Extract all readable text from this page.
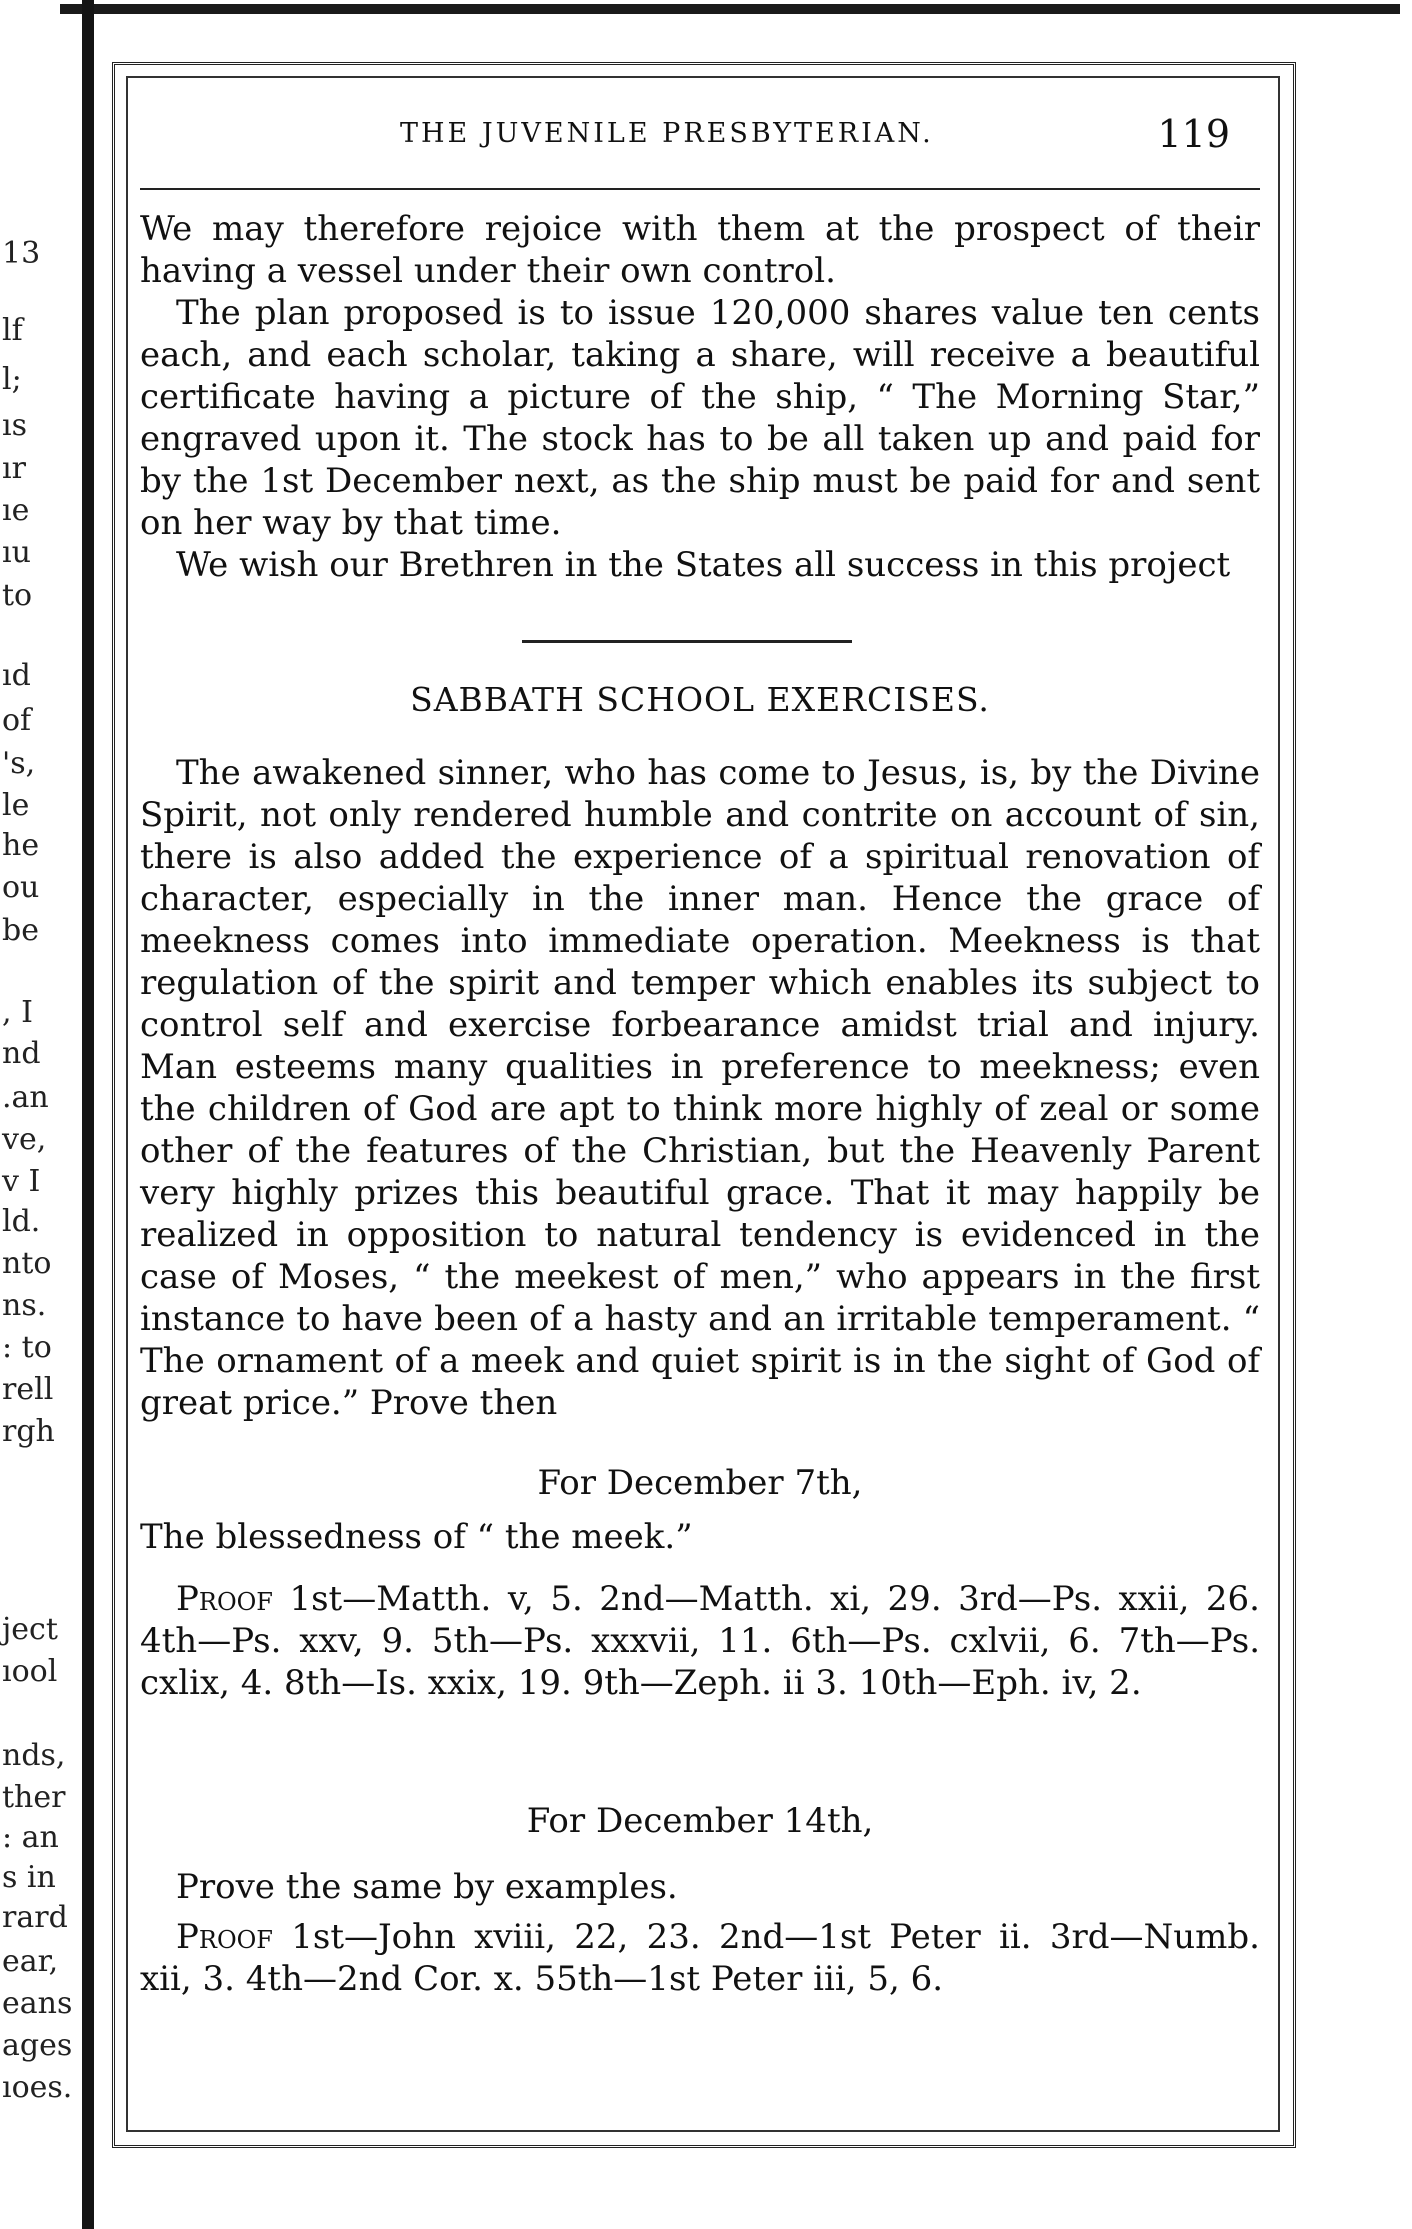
13
lf
l;
ıs
ır
ıe
ıu
to
ıd
of
's,
le
he
ou
be
, I
nd
.an
ve,
v I
ld.
nto
ns.
: to
rell
rgh
ject
ıool
nds,
ther
: an
s in
rard
ear,
eans
ages
ıoes.
THE JUVENILE PRESBYTERIAN.	119

We may therefore rejoice with them at the prospect of their having a vessel under their own control.

The plan proposed is to issue 120,000 shares value ten cents each, and each scholar, taking a share, will receive a beautiful certificate having a picture of the ship, “ The Morning Star,” engraved upon it. The stock has to be all taken up and paid for by the 1st December next, as the ship must be paid for and sent on her way by that time.

We wish our Brethren in the States all success in this project

SABBATH SCHOOL EXERCISES.

The awakened sinner, who has come to Jesus, is, by the Divine Spirit, not only rendered humble and contrite on account of sin, there is also added the experience of a spiritual renovation of character, especially in the inner man. Hence the grace of meekness comes into immediate operation. Meekness is that regulation of the spirit and temper which enables its subject to control self and exercise forbearance amidst trial and injury. Man esteems many qualities in preference to meekness; even the children of God are apt to think more highly of zeal or some other of the features of the Christian, but the Heavenly Parent very highly prizes this beautiful grace. That it may happily be realized in opposition to natural tendency is evidenced in the case of Moses, “ the meekest of men,” who appears in the first instance to have been of a hasty and an irritable temperament. “ The ornament of a meek and quiet spirit is in the sight of God of great price.” Prove then

For December 7th,

The blessedness of “ the meek.”

Proof 1st—Matth. v, 5. 2nd—Matth. xi, 29. 3rd—Ps. xxii, 26. 4th—Ps. xxv, 9. 5th—Ps. xxxvii, 11. 6th—Ps. cxlvii, 6. 7th—Ps. cxlix, 4. 8th—Is. xxix, 19. 9th—Zeph. ii 3. 10th—Eph. iv, 2.

For December 14th,

Prove the same by examples.

Proof 1st—John xviii, 22, 23. 2nd—1st Peter ii. 3rd—Numb. xii, 3. 4th—2nd Cor. x. 55th—1st Peter iii, 5, 6.
